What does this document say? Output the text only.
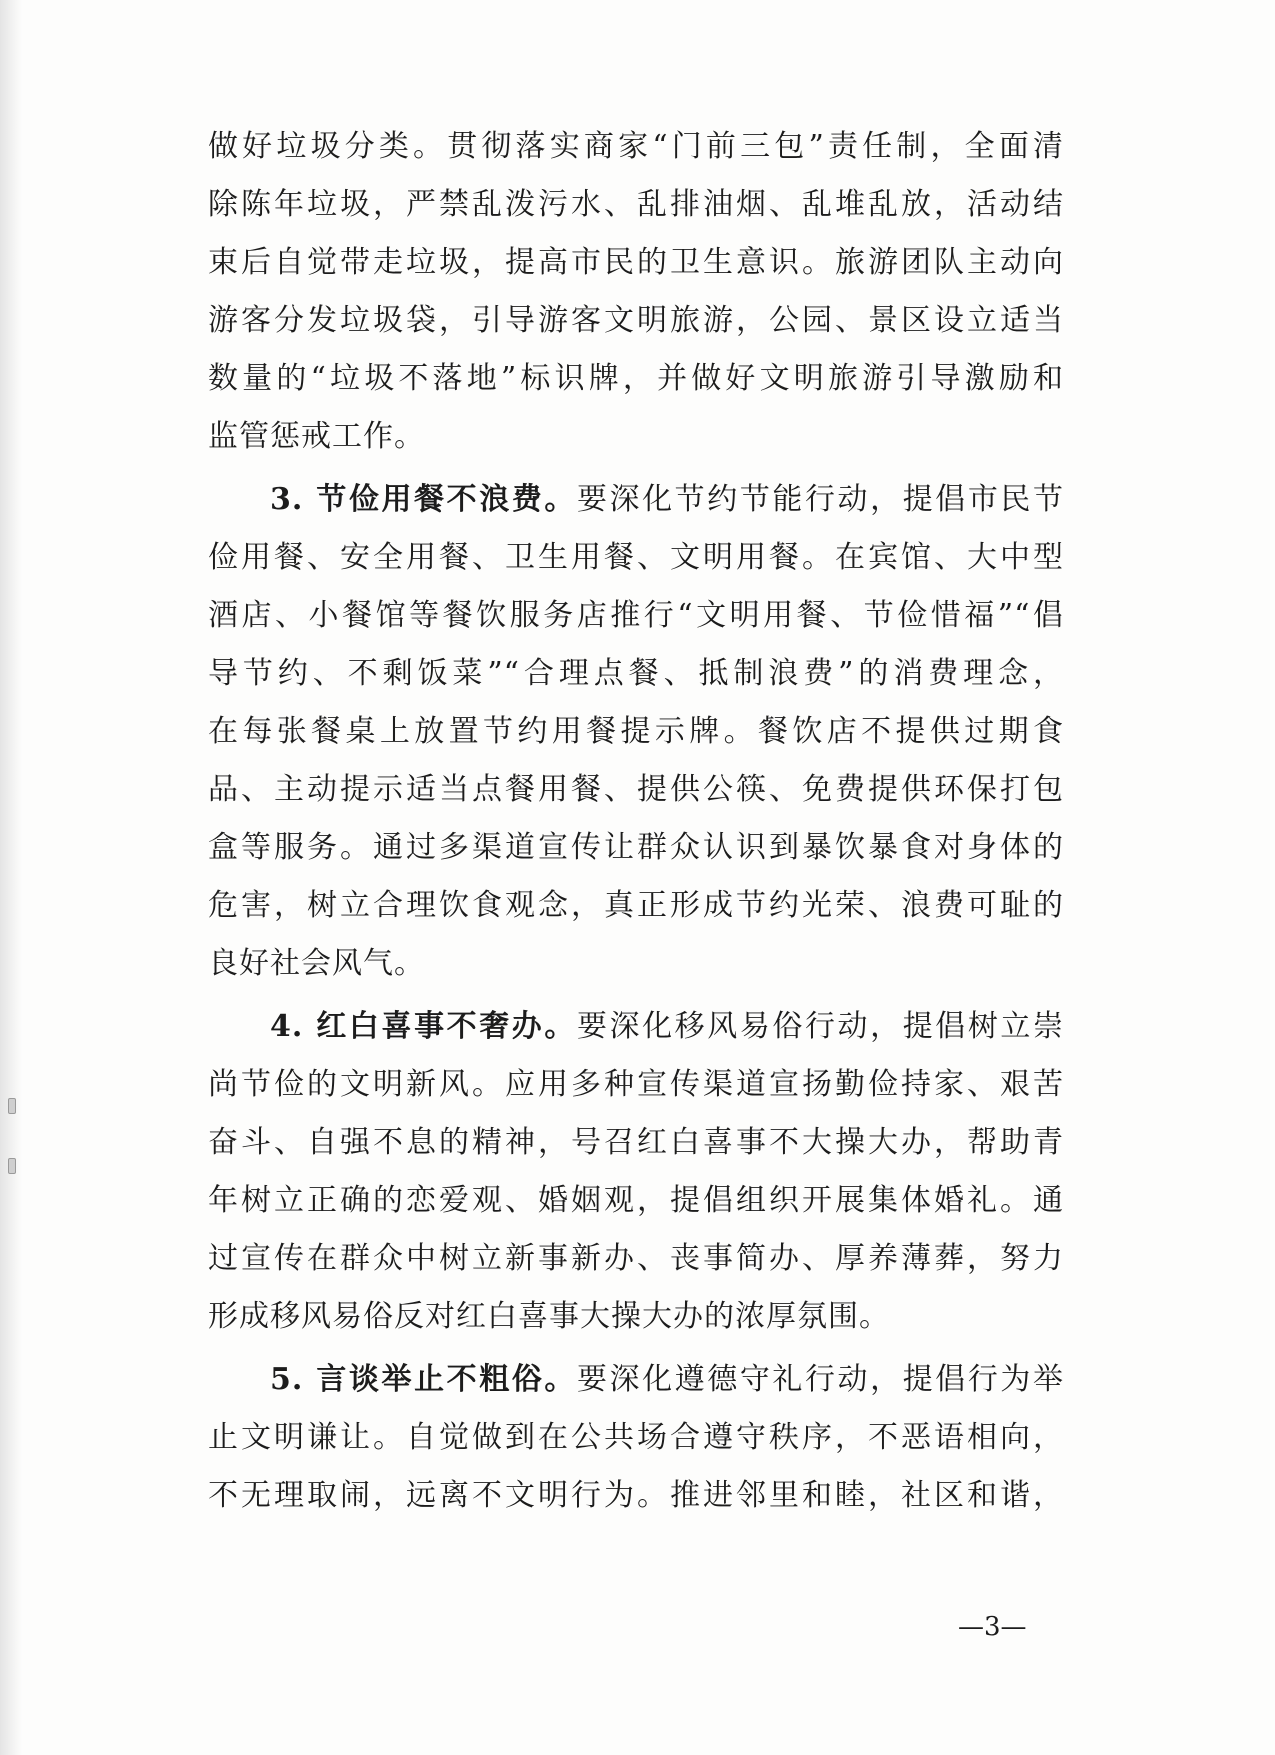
做好垃圾分类。贯彻落实商家“门前三包”责任制，全面清
除陈年垃圾，严禁乱泼污水、乱排油烟、乱堆乱放，活动结
束后自觉带走垃圾，提高市民的卫生意识。旅游团队主动向
游客分发垃圾袋，引导游客文明旅游，公园、景区设立适当
数量的“垃圾不落地”标识牌，并做好文明旅游引导激励和
监管惩戒工作。
3. 节俭用餐不浪费。要深化节约节能行动，提倡市民节
俭用餐、安全用餐、卫生用餐、文明用餐。在宾馆、大中型
酒店、小餐馆等餐饮服务店推行“文明用餐、节俭惜福”“倡
导节约、不剩饭菜”“合理点餐、抵制浪费”的消费理念，
在每张餐桌上放置节约用餐提示牌。餐饮店不提供过期食
品、主动提示适当点餐用餐、提供公筷、免费提供环保打包
盒等服务。通过多渠道宣传让群众认识到暴饮暴食对身体的
危害，树立合理饮食观念，真正形成节约光荣、浪费可耻的
良好社会风气。
4. 红白喜事不奢办。要深化移风易俗行动，提倡树立崇
尚节俭的文明新风。应用多种宣传渠道宣扬勤俭持家、艰苦
奋斗、自强不息的精神，号召红白喜事不大操大办，帮助青
年树立正确的恋爱观、婚姻观，提倡组织开展集体婚礼。通
过宣传在群众中树立新事新办、丧事简办、厚养薄葬，努力
形成移风易俗反对红白喜事大操大办的浓厚氛围。
5. 言谈举止不粗俗。要深化遵德守礼行动，提倡行为举
止文明谦让。自觉做到在公共场合遵守秩序，不恶语相向，
不无理取闹，远离不文明行为。推进邻里和睦，社区和谐，
—3—
